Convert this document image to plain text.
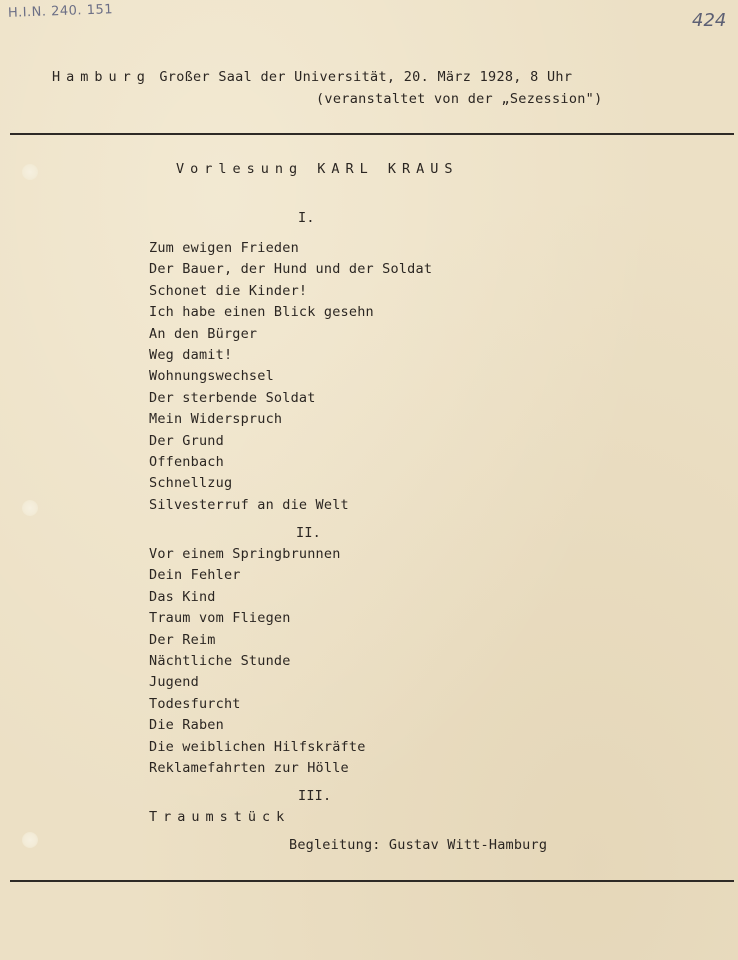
H.I.N. 240. 151	424
Hamburg Großer Saal der Universität, 20. März 1928, 8 Uhr
(veranstaltet von der „Sezession")
Vorlesung KARL KRAUS
I.
Zum ewigen Frieden
Der Bauer, der Hund und der Soldat
Schonet die Kinder!
Ich habe einen Blick gesehn
An den Bürger
Weg damit!
Wohnungswechsel
Der sterbende Soldat
Mein Widerspruch
Der Grund
Offenbach
Schnellzug
Silvesterruf an die Welt
II.
Vor einem Springbrunnen
Dein Fehler
Das Kind
Traum vom Fliegen
Der Reim
Nächtliche Stunde
Jugend
Todesfurcht
Die Raben
Die weiblichen Hilfskräfte
Reklamefahrten zur Hölle
III.
Traumstück
Begleitung: Gustav Witt-Hamburg
